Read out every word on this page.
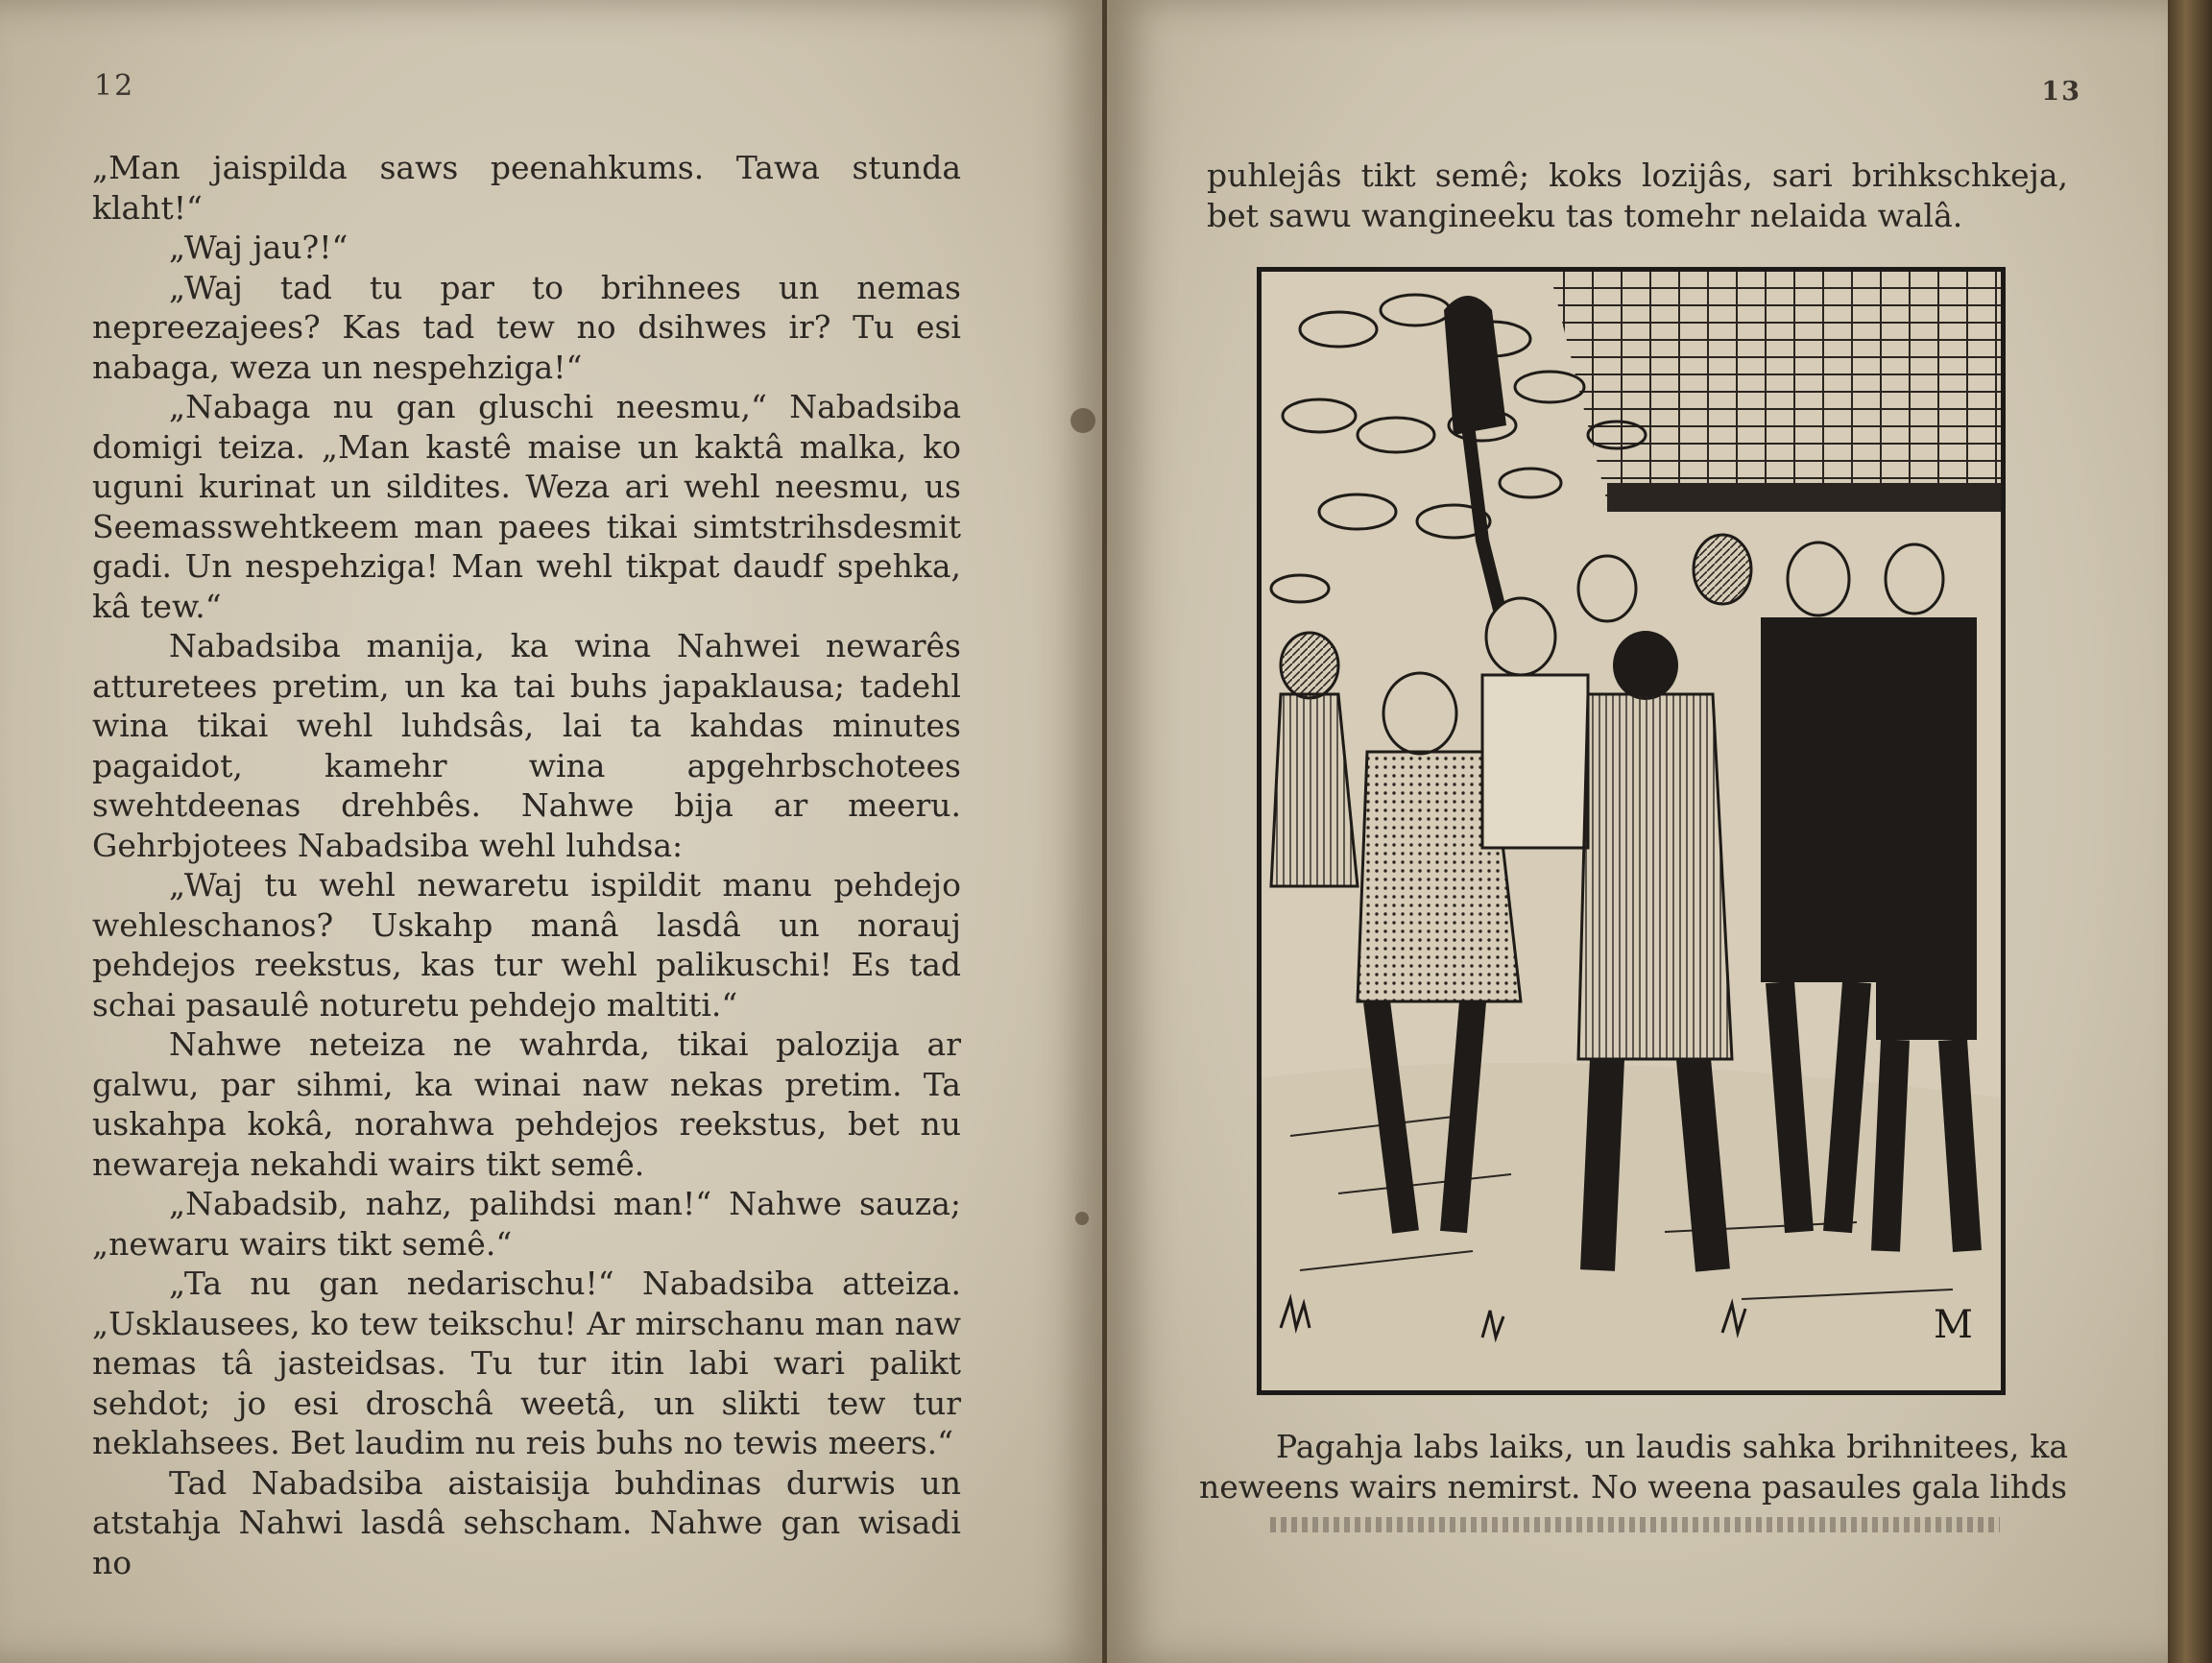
12

„Man jaispilda saws peenahkums. Tawa stunda klaht!“

„Waj jau?!“

„Waj tad tu par to brihnees un nemas nepreezajees? Kas tad tew no dsihwes ir? Tu esi nabaga, weza un nespehziga!“

„Nabaga nu gan gluschi neesmu,“ Nabadsiba domigi teiza. „Man kastê maise un kaktâ malka, ko uguni kurinat un sildites. Weza ari wehl neesmu, us Seemasswehtkeem man paees tikai simtstrihsdesmit gadi. Un nespehziga! Man wehl tikpat daudf spehka, kâ tew.“

Nabadsiba manija, ka wina Nahwei newarês atturetees pretim, un ka tai buhs japaklausa; tadehl wina tikai wehl luhdsâs, lai ta kahdas minutes pagaidot, kamehr wina apgehrbschotees swehtdeenas drehbês. Nahwe bija ar meeru. Gehrbjotees Nabadsiba wehl luhdsa:

„Waj tu wehl newaretu ispildit manu pehdejo wehleschanos? Uskahp manâ lasdâ un norauj pehdejos reekstus, kas tur wehl palikuschi! Es tad schai pasaulê noturetu pehdejo maltiti.“

Nahwe neteiza ne wahrda, tikai palozija ar galwu, par sihmi, ka winai naw nekas pretim. Ta uskahpa kokâ, norahwa pehdejos reekstus, bet nu newareja nekahdi wairs tikt semê.

„Nabadsib, nahz, palihdsi man!“ Nahwe sauza; „newaru wairs tikt semê.“

„Ta nu gan nedarischu!“ Nabadsiba atteiza. „Usklausees, ko tew teikschu! Ar mirschanu man naw nemas tâ jasteidsas. Tu tur itin labi wari palikt sehdot; jo esi droschâ weetâ, un slikti tew tur neklahsees. Bet laudim nu reis buhs no tewis meers.“

Tad Nabadsiba aistaisija buhdinas durwis un atstahja Nahwi lasdâ sehscham. Nahwe gan wisadi no

13

puhlejâs tikt semê; koks lozijâs, sari brihkschkeja, bet sawu wangineeku tas tomehr nelaida walâ.

M

Pagahja labs laiks, un laudis sahka brihnitees, ka neweens wairs nemirst. No weena pasaules gala lihds
